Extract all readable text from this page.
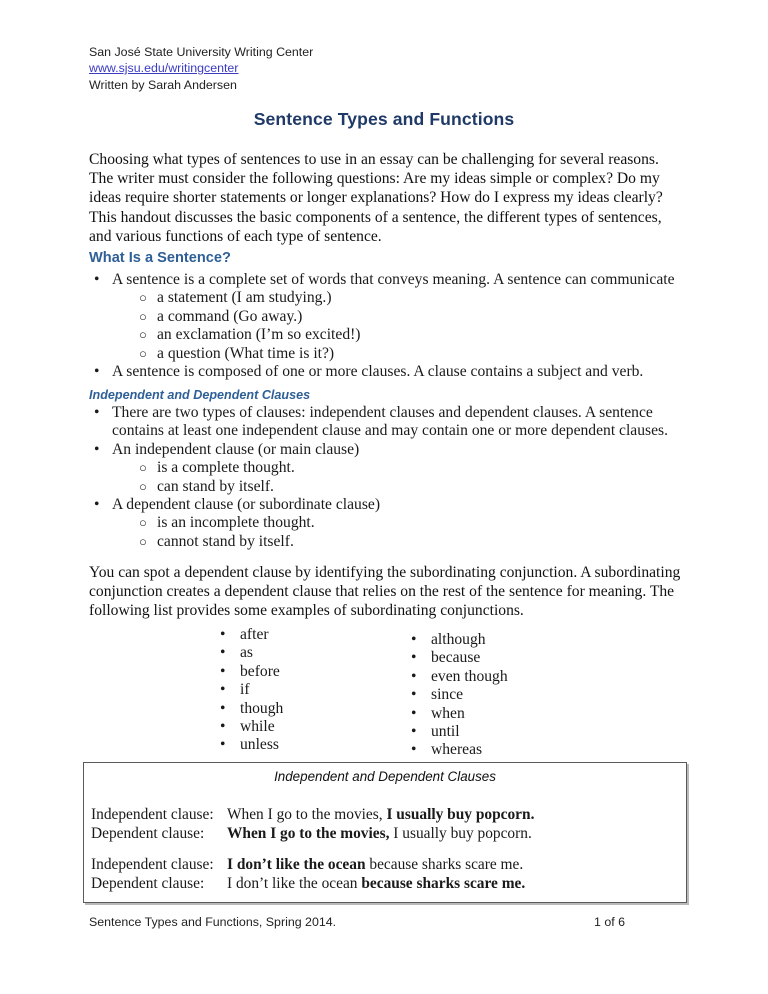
San José State University Writing Center
www.sjsu.edu/writingcenter
Written by Sarah Andersen
Sentence Types and Functions
Choosing what types of sentences to use in an essay can be challenging for several reasons. The writer must consider the following questions: Are my ideas simple or complex? Do my ideas require shorter statements or longer explanations? How do I express my ideas clearly? This handout discusses the basic components of a sentence, the different types of sentences, and various functions of each type of sentence.
What Is a Sentence?
• A sentence is a complete set of words that conveys meaning. A sentence can communicate
○ a statement (I am studying.)
○ a command (Go away.)
○ an exclamation (I’m so excited!)
○ a question (What time is it?)
• A sentence is composed of one or more clauses. A clause contains a subject and verb.
Independent and Dependent Clauses
• There are two types of clauses: independent clauses and dependent clauses. A sentence contains at least one independent clause and may contain one or more dependent clauses.
• An independent clause (or main clause)
○ is a complete thought.
○ can stand by itself.
• A dependent clause (or subordinate clause)
○ is an incomplete thought.
○ cannot stand by itself.
You can spot a dependent clause by identifying the subordinating conjunction. A subordinating conjunction creates a dependent clause that relies on the rest of the sentence for meaning. The following list provides some examples of subordinating conjunctions.
• after
• as
• before
• if
• though
• while
• unless
• although
• because
• even though
• since
• when
• until
• whereas
Independent and Dependent Clauses
Independent clause: When I go to the movies, I usually buy popcorn.
Dependent clause: When I go to the movies, I usually buy popcorn.
Independent clause: I don’t like the ocean because sharks scare me.
Dependent clause: I don’t like the ocean because sharks scare me.
Sentence Types and Functions, Spring 2014.	1 of 6
